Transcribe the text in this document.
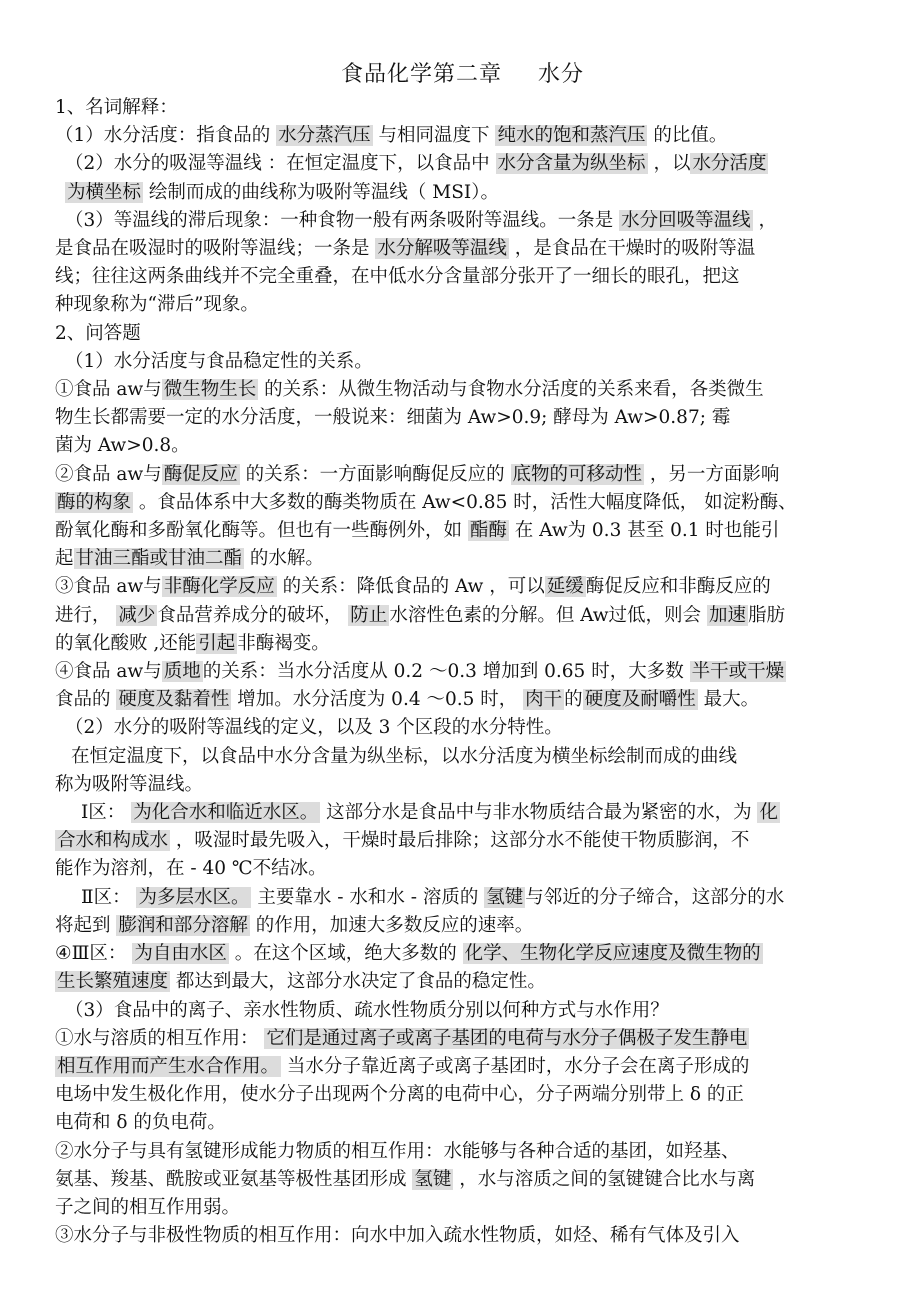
食品化学第二章 水分
1、名词解释：
（1）水分活度：指食品的 水分蒸汽压 与相同温度下 纯水的饱和蒸汽压 的比值。
（2）水分的吸湿等温线 ：在恒定温度下，以食品中 水分含量为纵坐标 ，以 水分活度
为横坐标 绘制而成的曲线称为吸附等温线（ MSI）。
（3）等温线的滞后现象：一种食物一般有两条吸附等温线。一条是 水分回吸等温线 ，
是食品在吸湿时的吸附等温线；一条是 水分解吸等温线 ，是食品在干燥时的吸附等温
线；往往这两条曲线并不完全重叠，在中低水分含量部分张开了一细长的眼孔，把这
种现象称为“滞后”现象。
2、问答题
（1）水分活度与食品稳定性的关系。
①食品 aw与 微生物生长 的关系：从微生物活动与食物水分活度的关系来看，各类微生
物生长都需要一定的水分活度，一般说来：细菌为 Aw>0.9; 酵母为 Aw>0.87; 霉
菌为 Aw>0.8。
②食品 aw与 酶促反应 的关系：一方面影响酶促反应的 底物的可移动性 ，另一方面影响
酶的构象 。食品体系中大多数的酶类物质在 Aw<0.85 时，活性大幅度降低， 如淀粉酶、
酚氧化酶和多酚氧化酶等。但也有一些酶例外，如 酯酶 在 Aw为 0.3 甚至 0.1 时也能引
起 甘油三酯或甘油二酯 的水解。
③食品 aw与 非酶化学反应 的关系：降低食品的 Aw ，可以 延缓 酶促反应和非酶反应的
进行， 减少 食品营养成分的破坏， 防止 水溶性色素的分解。但 Aw过低，则会 加速 脂肪
的氧化酸败 ,还能 引起 非酶褐变。
④食品 aw与 质地 的关系：当水分活度从 0.2 ～0.3 增加到 0.65 时，大多数 半干或干燥
食品的 硬度及黏着性 增加。水分活度为 0.4 ～0.5 时， 肉干 的 硬度及耐嚼性 最大。
（2）水分的吸附等温线的定义，以及 3 个区段的水分特性。
在恒定温度下，以食品中水分含量为纵坐标，以水分活度为横坐标绘制而成的曲线
称为吸附等温线。
Ⅰ区： 为化合水和临近水区。 这部分水是食品中与非水物质结合最为紧密的水，为 化
合水和构成水 ，吸湿时最先吸入，干燥时最后排除；这部分水不能使干物质膨润，不
能作为溶剂，在 - 40 ℃不结冰。
Ⅱ区： 为多层水区。 主要靠水 - 水和水 - 溶质的 氢键 与邻近的分子缔合，这部分的水
将起到 膨润和部分溶解 的作用，加速大多数反应的速率。
④Ⅲ区： 为自由水区 。在这个区域，绝大多数的 化学、生物化学反应速度及微生物的
生长繁殖速度 都达到最大，这部分水决定了食品的稳定性。
（3）食品中的离子、亲水性物质、疏水性物质分别以何种方式与水作用？
①水与溶质的相互作用： 它们是通过离子或离子基团的电荷与水分子偶极子发生静电
相互作用而产生水合作用。 当水分子靠近离子或离子基团时，水分子会在离子形成的
电场中发生极化作用，使水分子出现两个分离的电荷中心，分子两端分别带上 δ 的正
电荷和 δ 的负电荷。
②水分子与具有氢键形成能力物质的相互作用：水能够与各种合适的基团，如羟基、
氨基、羧基、酰胺或亚氨基等极性基团形成 氢键 ，水与溶质之间的氢键键合比水与离
子之间的相互作用弱。
③水分子与非极性物质的相互作用：向水中加入疏水性物质，如烃、稀有气体及引入
